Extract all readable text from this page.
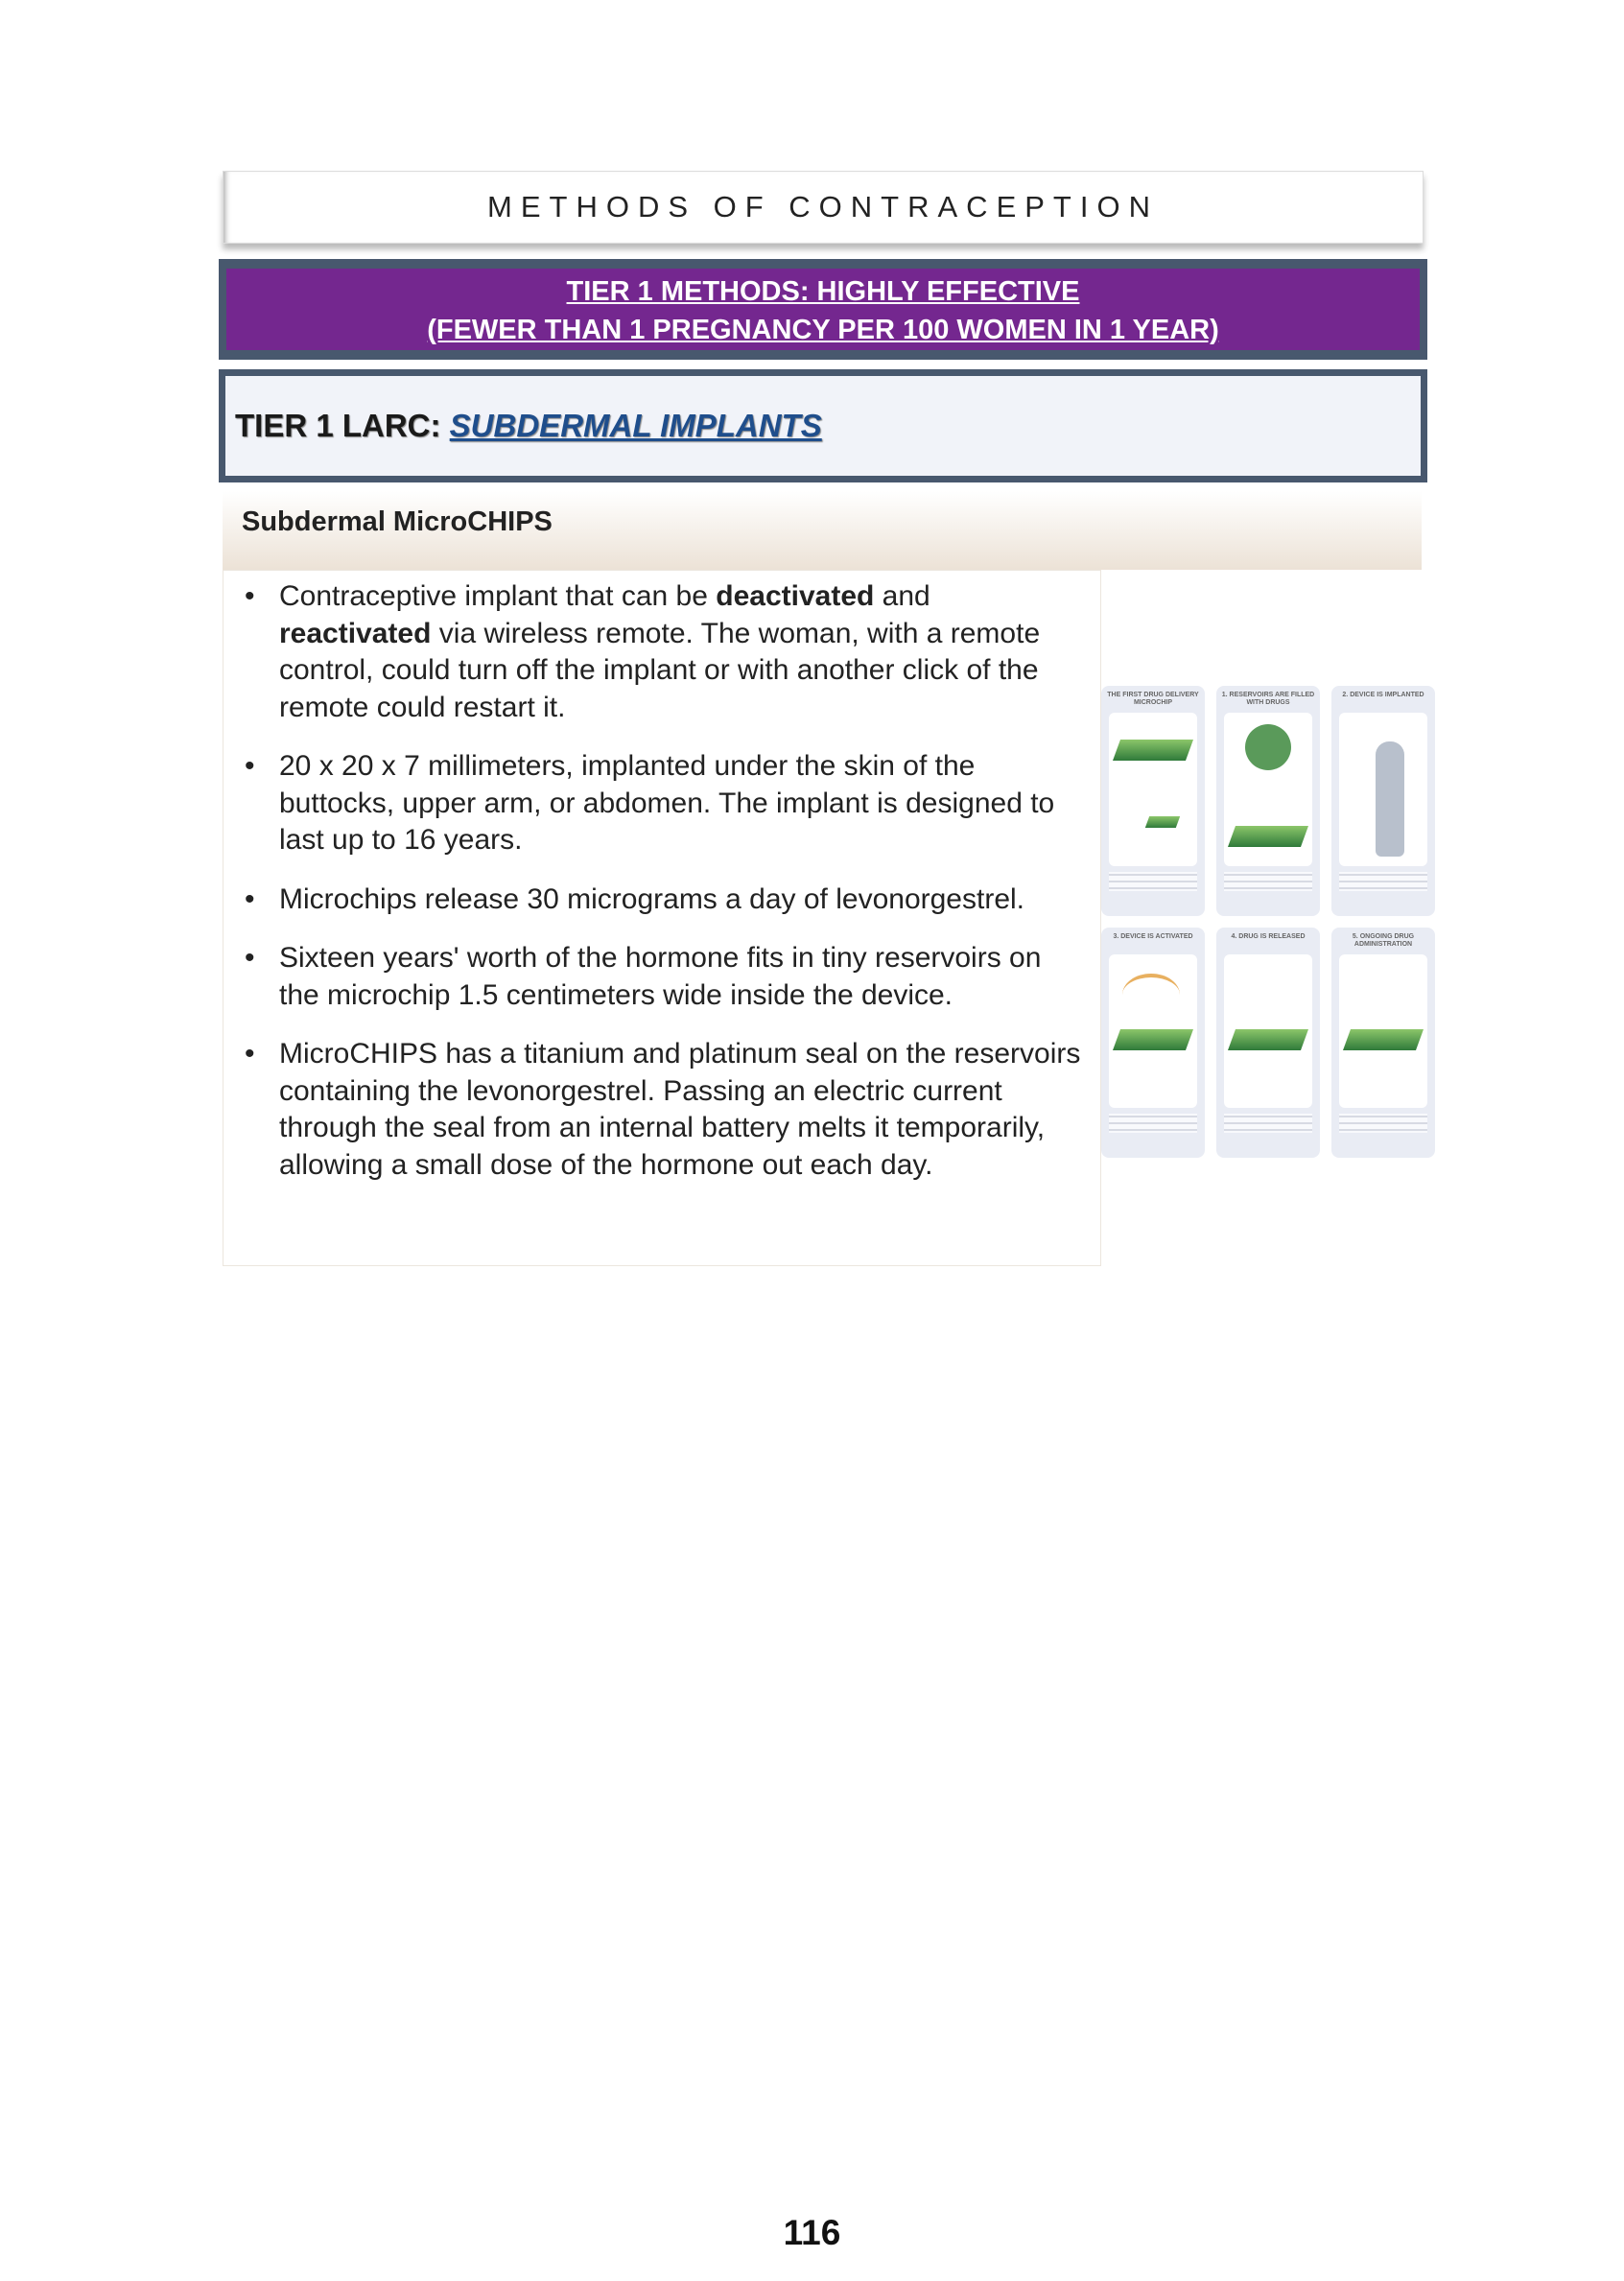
METHODS OF CONTRACEPTION
TIER 1 METHODS: HIGHLY EFFECTIVE
(FEWER THAN 1 PREGNANCY PER 100 WOMEN IN 1 YEAR)
TIER 1 LARC: SUBDERMAL IMPLANTS
Subdermal MicroCHIPS
• Contraceptive implant that can be deactivated and reactivated via wireless remote. The woman, with a remote control, could turn off the implant or with another click of the remote could restart it.
• 20 x 20 x 7 millimeters, implanted under the skin of the buttocks, upper arm, or abdomen. The implant is designed to last up to 16 years.
• Microchips release 30 micrograms a day of levonorgestrel.
• Sixteen years' worth of the hormone fits in tiny reservoirs on the microchip 1.5 centimeters wide inside the device.
• MicroCHIPS has a titanium and platinum seal on the reservoirs containing the levonorgestrel. Passing an electric current through the seal from an internal battery melts it temporarily, allowing a small dose of the hormone out each day.
THE FIRST DRUG DELIVERY MICROCHIP
1. RESERVOIRS ARE FILLED WITH DRUGS
2. DEVICE IS IMPLANTED
3. DEVICE IS ACTIVATED	4. DRUG IS RELEASED	5. ONGOING DRUG ADMINISTRATION
116
